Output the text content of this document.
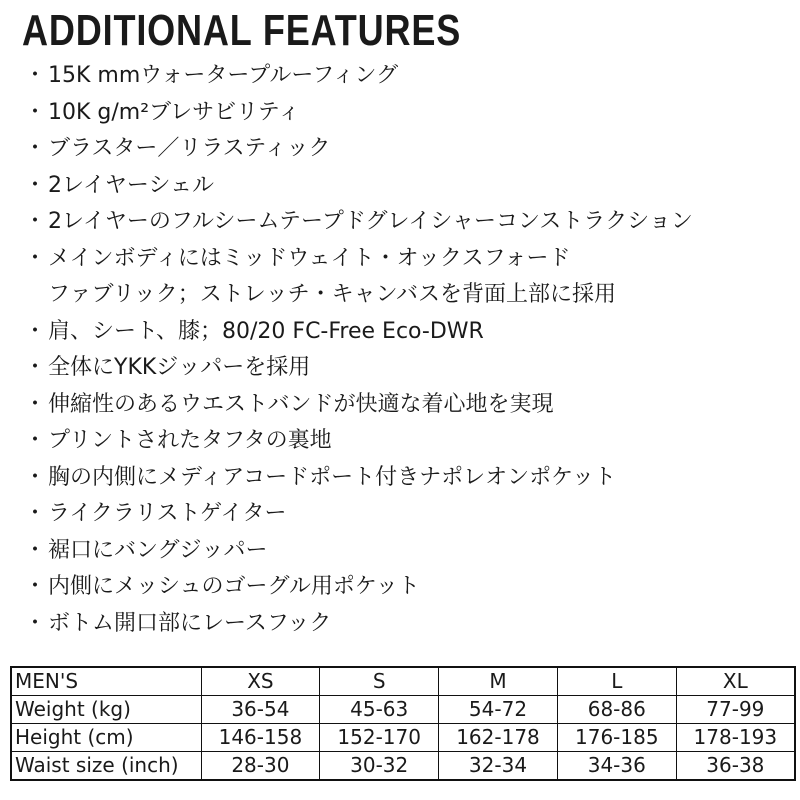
ADDITIONAL FEATURES
・ 15K mmウォータープルーフィング
・ 10K g/m²ブレサビリティ
・ ブラスター／リラスティック
・ 2レイヤーシェル
・ 2レイヤーのフルシームテープドグレイシャーコンストラクション
・ メインボディにはミッドウェイト・オックスフォード
ファブリック；ストレッチ・キャンバスを背面上部に採用
・ 肩、シート、膝；80/20 FC-Free Eco-DWR
・ 全体にYKKジッパーを採用
・ 伸縮性のあるウエストバンドが快適な着心地を実現
・ プリントされたタフタの裏地
・ 胸の内側にメディアコードポート付きナポレオンポケット
・ ライクラリストゲイター
・ 裾口にバングジッパー
・ 内側にメッシュのゴーグル用ポケット
・ ボトム開口部にレースフック
MEN'S	XS	S	M	L	XL
Weight (kg)	36-54	45-63	54-72	68-86	77-99
Height (cm)	146-158	152-170	162-178	176-185	178-193
Waist size (inch)	28-30	30-32	32-34	34-36	36-38
